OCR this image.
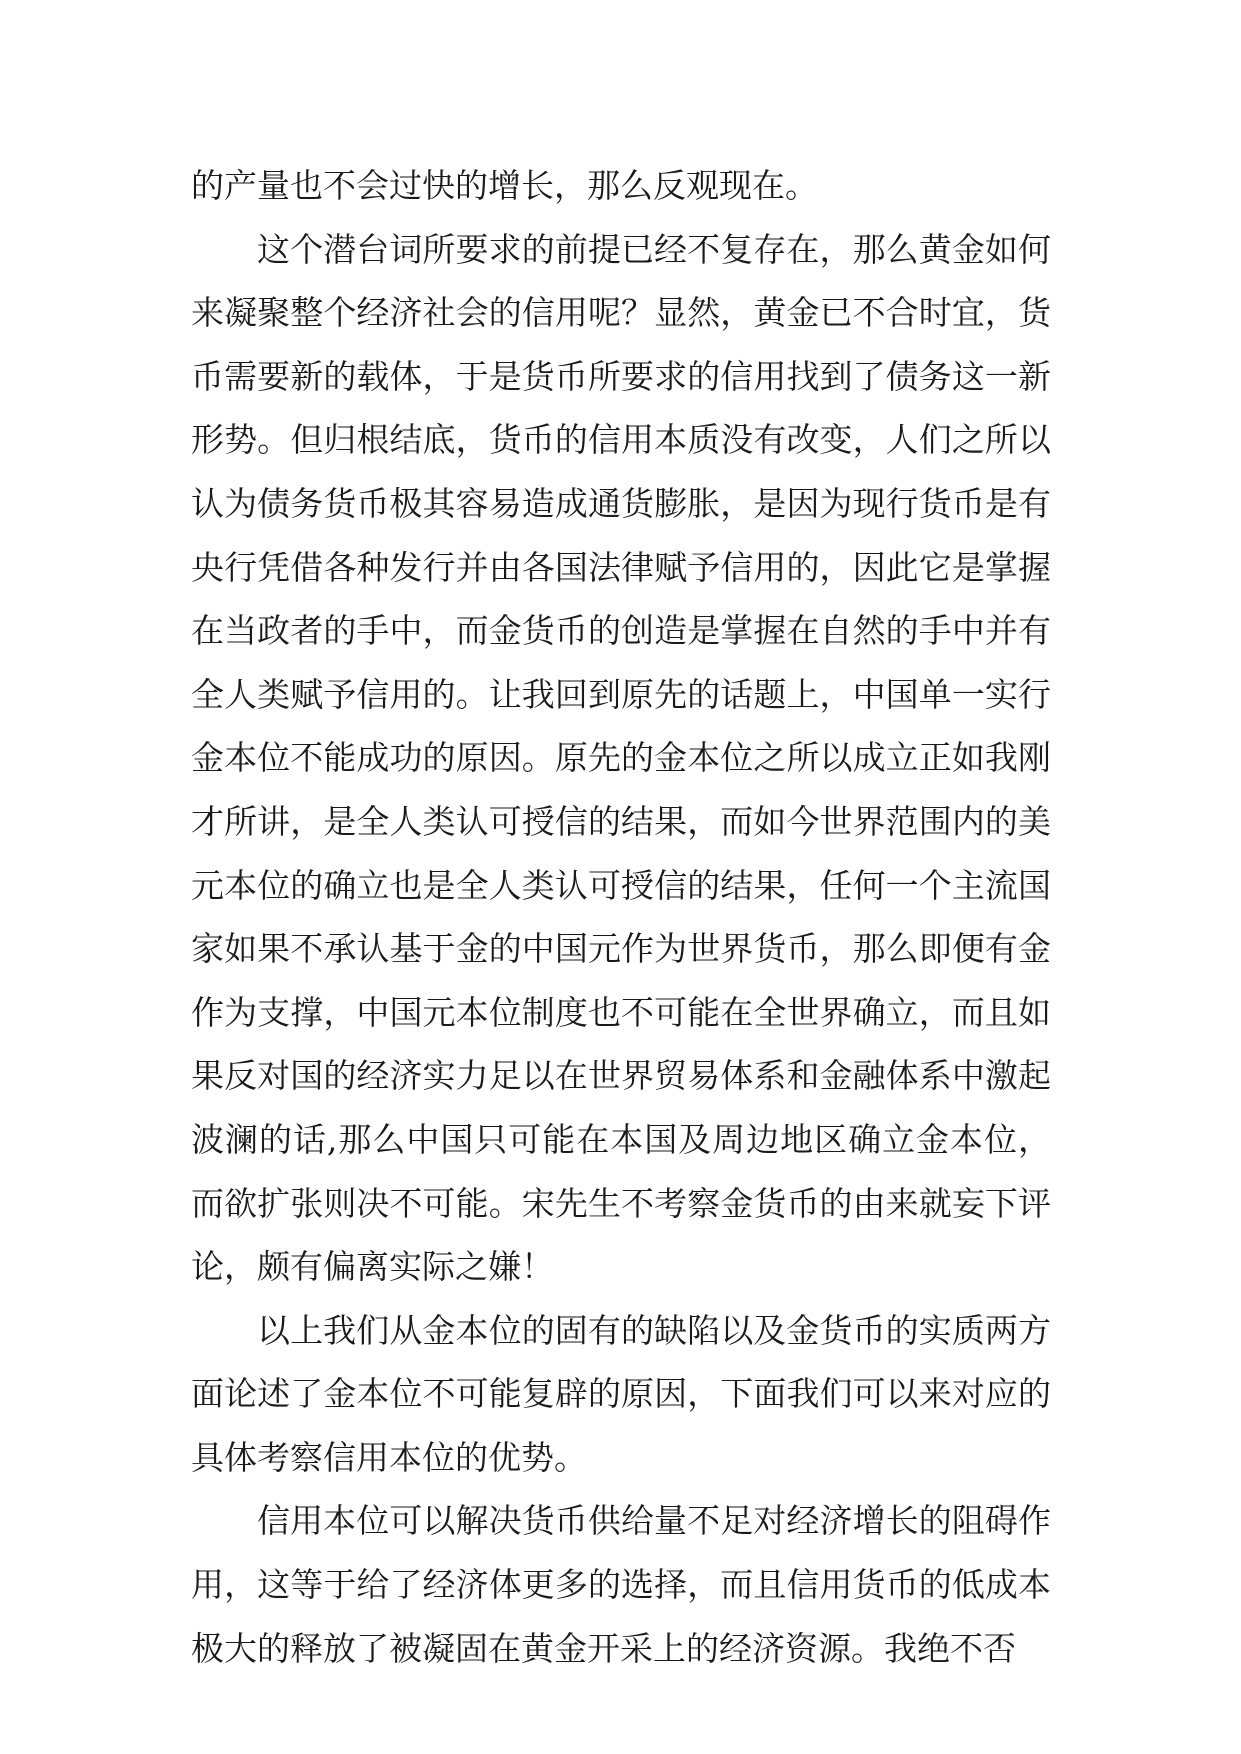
的产量也不会过快的增长，那么反观现在。

这个潜台词所要求的前提已经不复存在，那么黄金如何来凝聚整个经济社会的信用呢？显然，黄金已不合时宜，货币需要新的载体，于是货币所要求的信用找到了债务这一新形势。但归根结底，货币的信用本质没有改变，人们之所以认为债务货币极其容易造成通货膨胀，是因为现行货币是有央行凭借各种发行并由各国法律赋予信用的，因此它是掌握在当政者的手中，而金货币的创造是掌握在自然的手中并有全人类赋予信用的。让我回到原先的话题上，中国单一实行金本位不能成功的原因。原先的金本位之所以成立正如我刚才所讲，是全人类认可授信的结果，而如今世界范围内的美元本位的确立也是全人类认可授信的结果，任何一个主流国家如果不承认基于金的中国元作为世界货币，那么即便有金作为支撑，中国元本位制度也不可能在全世界确立，而且如果反对国的经济实力足以在世界贸易体系和金融体系中激起波澜的话,那么中国只可能在本国及周边地区确立金本位，而欲扩张则决不可能。宋先生不考察金货币的由来就妄下评论，颇有偏离实际之嫌！

以上我们从金本位的固有的缺陷以及金货币的实质两方面论述了金本位不可能复辟的原因，下面我们可以来对应的具体考察信用本位的优势。

信用本位可以解决货币供给量不足对经济增长的阻碍作用，这等于给了经济体更多的选择，而且信用货币的低成本极大的释放了被凝固在黄金开采上的经济资源。我绝不否
